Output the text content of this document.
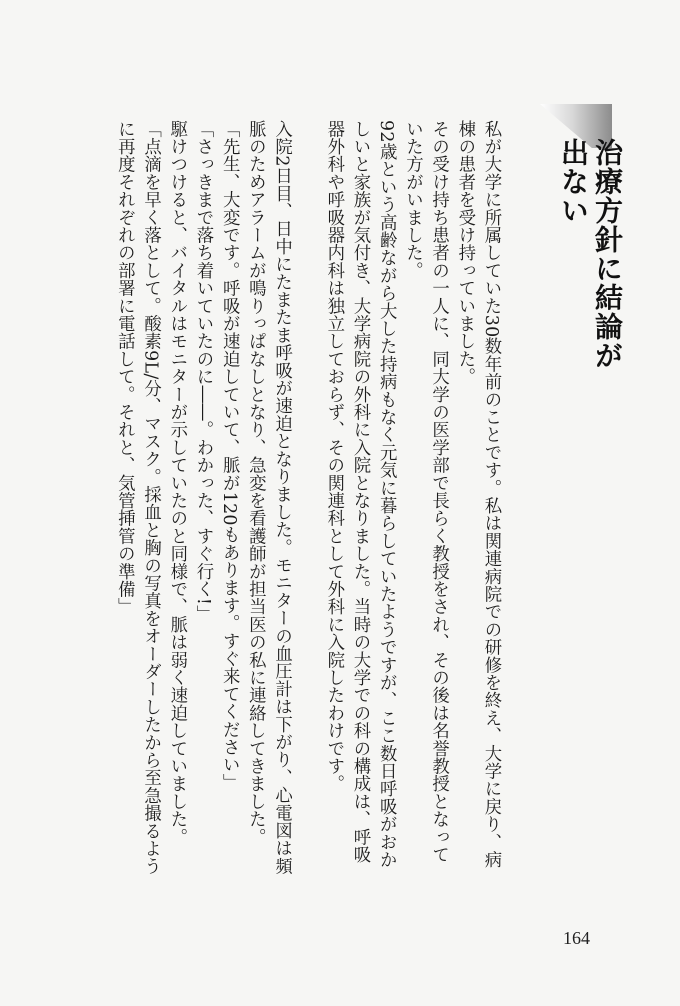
治療方針に結論が出ない

私が大学に所属していた30数年前のことです。私は関連病院での研修を終え、大学に戻り、病棟の患者を受け持っていました。

その受け持ち患者の一人に、同大学の医学部で長らく教授をされ、その後は名誉教授となっていた方がいました。

92歳という高齢ながら大した持病もなく元気に暮らしていたようですが、ここ数日呼吸がおかしいと家族が気付き、大学病院の外科に入院となりました。当時の大学での科の構成は、呼吸器外科や呼吸器内科は独立しておらず、その関連科として外科に入院したわけです。

入院2日目、日中にたまたま呼吸が速迫となりました。モニターの血圧計は下がり、心電図は頻脈のためアラームが鳴りっぱなしとなり、急変を看護師が担当医の私に連絡してきました。

「先生、大変です。呼吸が速迫していて、脈が120もあります。すぐ来てください」

「さっきまで落ち着いていたのに――。わかった、すぐ行く!」

駆けつけると、バイタルはモニターが示していたのと同様で、脈は弱く速迫していました。

「点滴を早く落として。酸素9L/分、マスク。採血と胸の写真をオーダーしたから至急撮るように再度それぞれの部署に電話して。それと、気管挿管の準備」

164
